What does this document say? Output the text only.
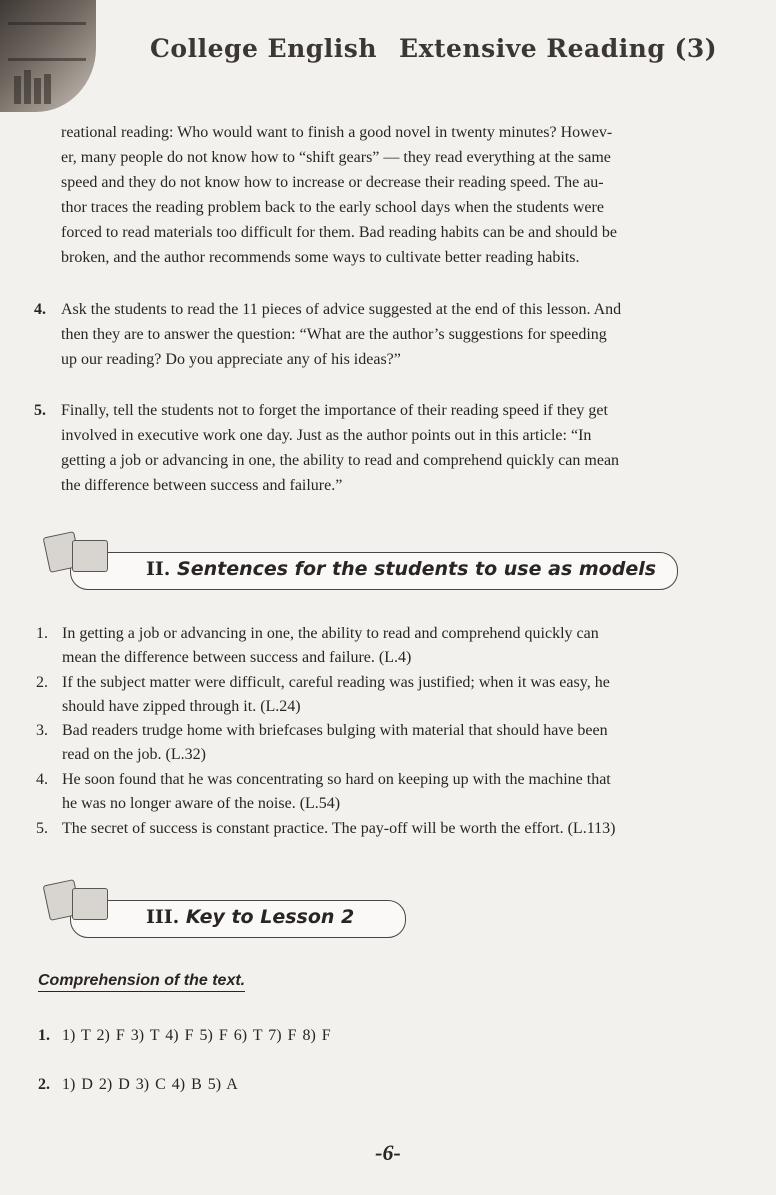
College English Extensive Reading (3)
reational reading: Who would want to finish a good novel in twenty minutes? Howev-
er, many people do not know how to “shift gears” — they read everything at the same
speed and they do not know how to increase or decrease their reading speed. The au-
thor traces the reading problem back to the early school days when the students were
forced to read materials too difficult for them. Bad reading habits can be and should be
broken, and the author recommends some ways to cultivate better reading habits.
4. Ask the students to read the 11 pieces of advice suggested at the end of this lesson. And
then they are to answer the question: “What are the author’s suggestions for speeding
up our reading? Do you appreciate any of his ideas?”
5. Finally, tell the students not to forget the importance of their reading speed if they get
involved in executive work one day. Just as the author points out in this article: “In
getting a job or advancing in one, the ability to read and comprehend quickly can mean
the difference between success and failure.”
II. Sentences for the students to use as models
1. In getting a job or advancing in one, the ability to read and comprehend quickly can
mean the difference between success and failure. (L.4)
2. If the subject matter were difficult, careful reading was justified; when it was easy, he
should have zipped through it. (L.24)
3. Bad readers trudge home with briefcases bulging with material that should have been
read on the job. (L.32)
4. He soon found that he was concentrating so hard on keeping up with the machine that
he was no longer aware of the noise. (L.54)
5. The secret of success is constant practice. The pay-off will be worth the effort. (L.113)
III. Key to Lesson 2
Comprehension of the text.
1. 1) T 2) F 3) T 4) F 5) F 6) T 7) F 8) F
2. 1) D 2) D 3) C 4) B 5) A
-6-
